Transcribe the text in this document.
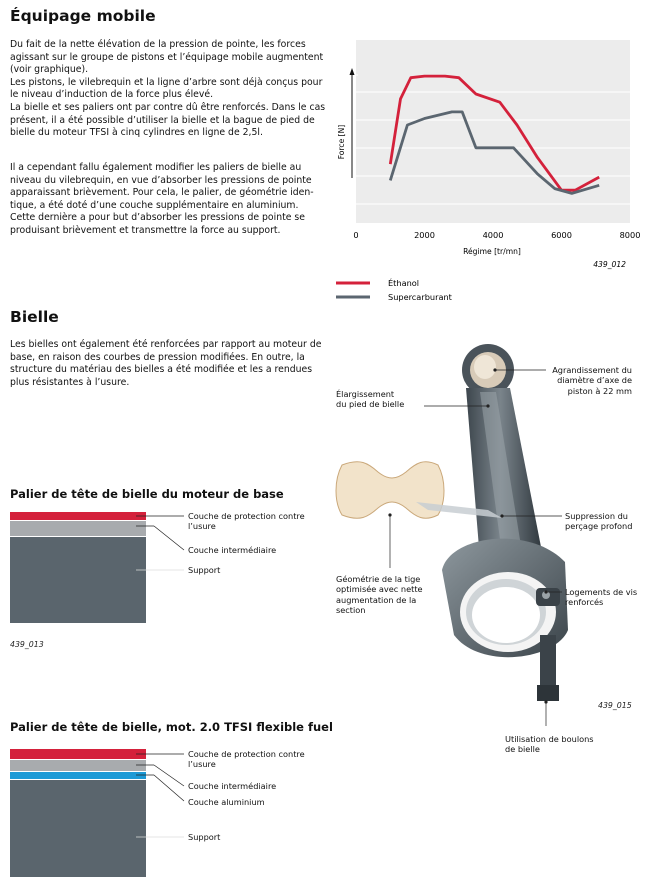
Équipage mobile
Du fait de la nette élévation de la pression de pointe, les forces
agissant sur le groupe de pistons et l’équipage mobile augmentent
(voir graphique).
Les pistons, le vilebrequin et la ligne d’arbre sont déjà conçus pour
le niveau d’induction de la force plus élevé.
La bielle et ses paliers ont par contre dû être renforcés. Dans le cas
présent, il a été possible d’utiliser la bielle et la bague de pied de
bielle du moteur TFSI à cinq cylindres en ligne de 2,5l.
Il a cependant fallu également modifier les paliers de bielle au
niveau du vilebrequin, en vue d’absorber les pressions de pointe
apparaissant brièvement. Pour cela, le palier, de géométrie iden-
tique, a été doté d’une couche supplémentaire en aluminium.
Cette dernière a pour but d’absorber les pressions de pointe se
produisant brièvement et transmettre la force au support.
Force [N]
0	2000	4000	6000	8000
Régime [tr/mn]
439_012
Éthanol
Supercarburant
Bielle
Les bielles ont également été renforcées par rapport au moteur de
base, en raison des courbes de pression modifiées. En outre, la
structure du matériau des bielles a été modifiée et les a rendues
plus résistantes à l’usure.
Élargissement
du pied de bielle
Agrandissement du
diamètre d’axe de
piston à 22 mm
Suppression du
perçage profond
Géométrie de la tige
optimisée avec nette
augmentation de la
section
Logements de vis
renforcés
439_015
Utilisation de boulons
de bielle
Palier de tête de bielle du moteur de base
Couche de protection contre
l’usure
Couche intermédiaire
Support
439_013
Palier de tête de bielle, mot. 2.0 TFSI flexible fuel
Couche de protection contre
l’usure
Couche intermédiaire
Couche aluminium
Support
